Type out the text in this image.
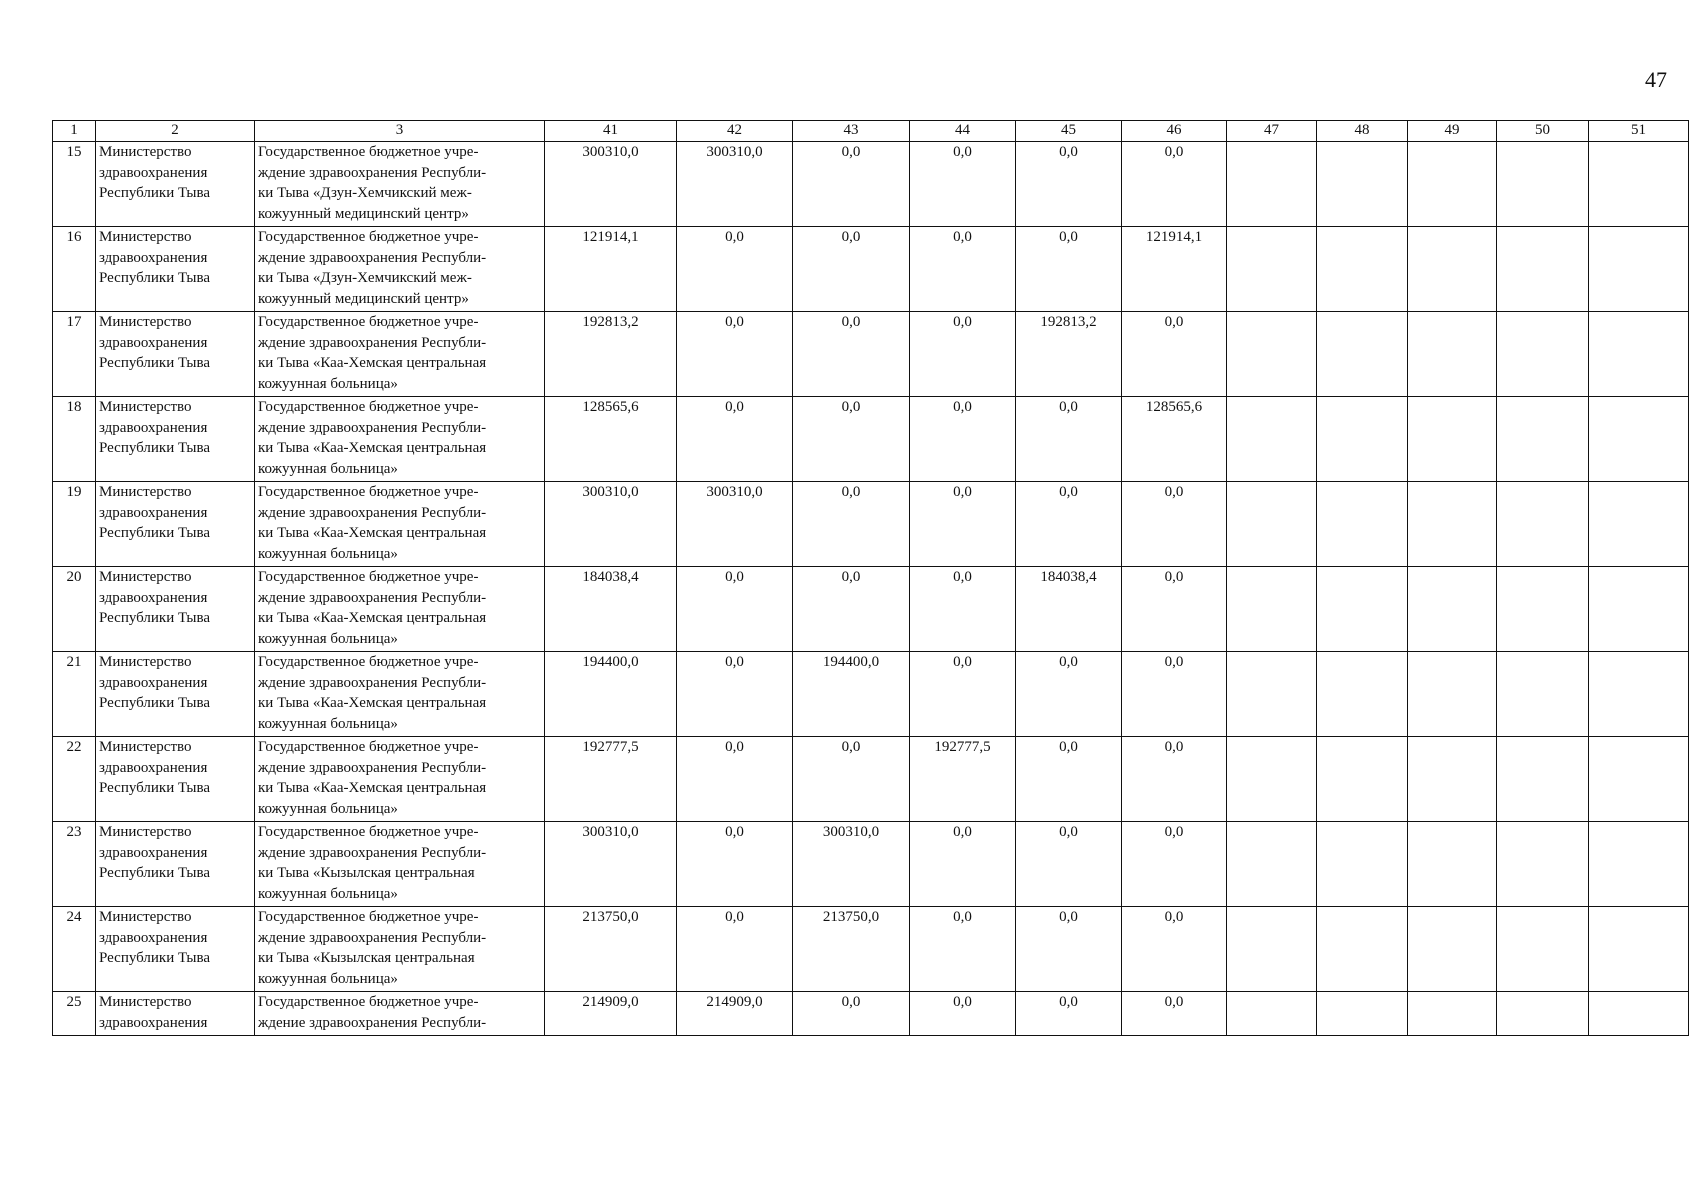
47
1	2	3	41	42	43	44	45	46	47	48	49	50	51
15	Министерство
здравоохранения
Республики Тыва	Государственное бюджетное учре-
ждение здравоохранения Республи-
ки Тыва «Дзун-Хемчикский меж-
кожуунный медицинский центр»	300310,0	300310,0	0,0	0,0	0,0	0,0					
16	Министерство
здравоохранения
Республики Тыва	Государственное бюджетное учре-
ждение здравоохранения Республи-
ки Тыва «Дзун-Хемчикский меж-
кожуунный медицинский центр»	121914,1	0,0	0,0	0,0	0,0	121914,1					
17	Министерство
здравоохранения
Республики Тыва	Государственное бюджетное учре-
ждение здравоохранения Республи-
ки Тыва «Каа-Хемская центральная
кожуунная больница»	192813,2	0,0	0,0	0,0	192813,2	0,0					
18	Министерство
здравоохранения
Республики Тыва	Государственное бюджетное учре-
ждение здравоохранения Республи-
ки Тыва «Каа-Хемская центральная
кожуунная больница»	128565,6	0,0	0,0	0,0	0,0	128565,6					
19	Министерство
здравоохранения
Республики Тыва	Государственное бюджетное учре-
ждение здравоохранения Республи-
ки Тыва «Каа-Хемская центральная
кожуунная больница»	300310,0	300310,0	0,0	0,0	0,0	0,0					
20	Министерство
здравоохранения
Республики Тыва	Государственное бюджетное учре-
ждение здравоохранения Республи-
ки Тыва «Каа-Хемская центральная
кожуунная больница»	184038,4	0,0	0,0	0,0	184038,4	0,0					
21	Министерство
здравоохранения
Республики Тыва	Государственное бюджетное учре-
ждение здравоохранения Республи-
ки Тыва «Каа-Хемская центральная
кожуунная больница»	194400,0	0,0	194400,0	0,0	0,0	0,0					
22	Министерство
здравоохранения
Республики Тыва	Государственное бюджетное учре-
ждение здравоохранения Республи-
ки Тыва «Каа-Хемская центральная
кожуунная больница»	192777,5	0,0	0,0	192777,5	0,0	0,0					
23	Министерство
здравоохранения
Республики Тыва	Государственное бюджетное учре-
ждение здравоохранения Республи-
ки Тыва «Кызылская центральная
кожуунная больница»	300310,0	0,0	300310,0	0,0	0,0	0,0					
24	Министерство
здравоохранения
Республики Тыва	Государственное бюджетное учре-
ждение здравоохранения Республи-
ки Тыва «Кызылская центральная
кожуунная больница»	213750,0	0,0	213750,0	0,0	0,0	0,0					
25	Министерство
здравоохранения	Государственное бюджетное учре-
ждение здравоохранения Республи-	214909,0	214909,0	0,0	0,0	0,0	0,0					
